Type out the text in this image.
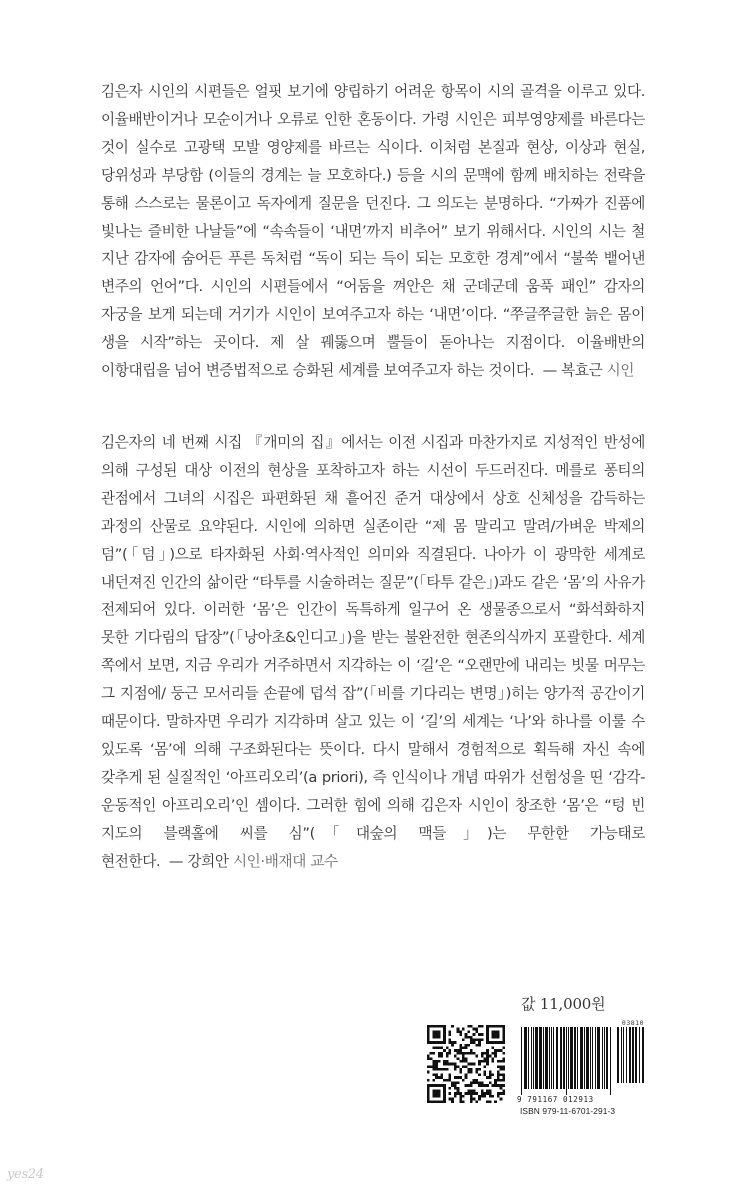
김은자 시인의 시편들은 얼핏 보기에 양립하기 어려운 항목이 시의 골격을 이루고 있다. 이율배반이거나 모순이거나 오류로 인한 혼동이다. 가령 시인은 피부영양제를 바른다는 것이 실수로 고광택 모발 영양제를 바르는 식이다. 이처럼 본질과 현상, 이상과 현실, 당위성과 부당함 (이들의 경계는 늘 모호하다.) 등을 시의 문맥에 함께 배치하는 전략을 통해 스스로는 물론이고 독자에게 질문을 던진다. 그 의도는 분명하다. “가짜가 진품에 빛나는 즐비한 나날들”에 “속속들이 ‘내면’까지 비추어” 보기 위해서다. 시인의 시는 철 지난 감자에 숨어든 푸른 독처럼 “독이 되는 득이 되는 모호한 경계”에서 “불쑥 뱉어낸 변주의 언어”다. 시인의 시편들에서 “어둠을 껴안은 채 군데군데 움푹 패인” 감자의 자궁을 보게 되는데 거기가 시인이 보여주고자 하는 ‘내면’이다. “쭈글쭈글한 늙은 몸이 생을 시작”하는 곳이다. 제 살 꿰뚫으며 뿔들이 돋아나는 지점이다. 이율배반의 이항대립을 넘어 변증법적으로 승화된 세계를 보여주고자 하는 것이다. — 복효근 시인

김은자의 네 번째 시집 『개미의 집』에서는 이전 시집과 마찬가지로 지성적인 반성에 의해 구성된 대상 이전의 현상을 포착하고자 하는 시선이 두드러진다. 메를로 퐁티의 관점에서 그녀의 시집은 파편화된 채 흩어진 준거 대상에서 상호 신체성을 감득하는 과정의 산물로 요약된다. 시인에 의하면 실존이란 “제 몸 말리고 말려/가벼운 박제의 덤”(「덤」)으로 타자화된 사회·역사적인 의미와 직결된다. 나아가 이 광막한 세계로 내던져진 인간의 삶이란 “타투를 시술하려는 질문”(「타투 같은」)과도 같은 ‘몸’의 사유가 전제되어 있다. 이러한 ‘몸’은 인간이 독특하게 일구어 온 생물종으로서 “화석화하지 못한 기다림의 답장”(「낭아초&인디고」)을 받는 불완전한 현존의식까지 포괄한다. 세계 쪽에서 보면, 지금 우리가 거주하면서 지각하는 이 ‘길’은 “오랜만에 내리는 빗물 머무는 그 지점에/ 둥근 모서리들 손끝에 덥석 잡”(「비를 기다리는 변명」)히는 양가적 공간이기 때문이다. 말하자면 우리가 지각하며 살고 있는 이 ‘길’의 세계는 ‘나’와 하나를 이룰 수 있도록 ‘몸’에 의해 구조화된다는 뜻이다. 다시 말해서 경험적으로 획득해 자신 속에 갖추게 된 실질적인 ‘아프리오리’(a priori), 즉 인식이나 개념 따위가 선험성을 띤 ‘감각-운동적인 아프리오리’인 셈이다. 그러한 힘에 의해 김은자 시인이 창조한 ‘몸’은 “텅 빈 지도의 블랙홀에 씨를 심”(「대숲의 맥들」)는 무한한 가능태로 현전한다. — 강희안 시인·배재대 교수

값 11,000원
03810
9 791167 012913
ISBN 979-11-6701-291-3
yes24
